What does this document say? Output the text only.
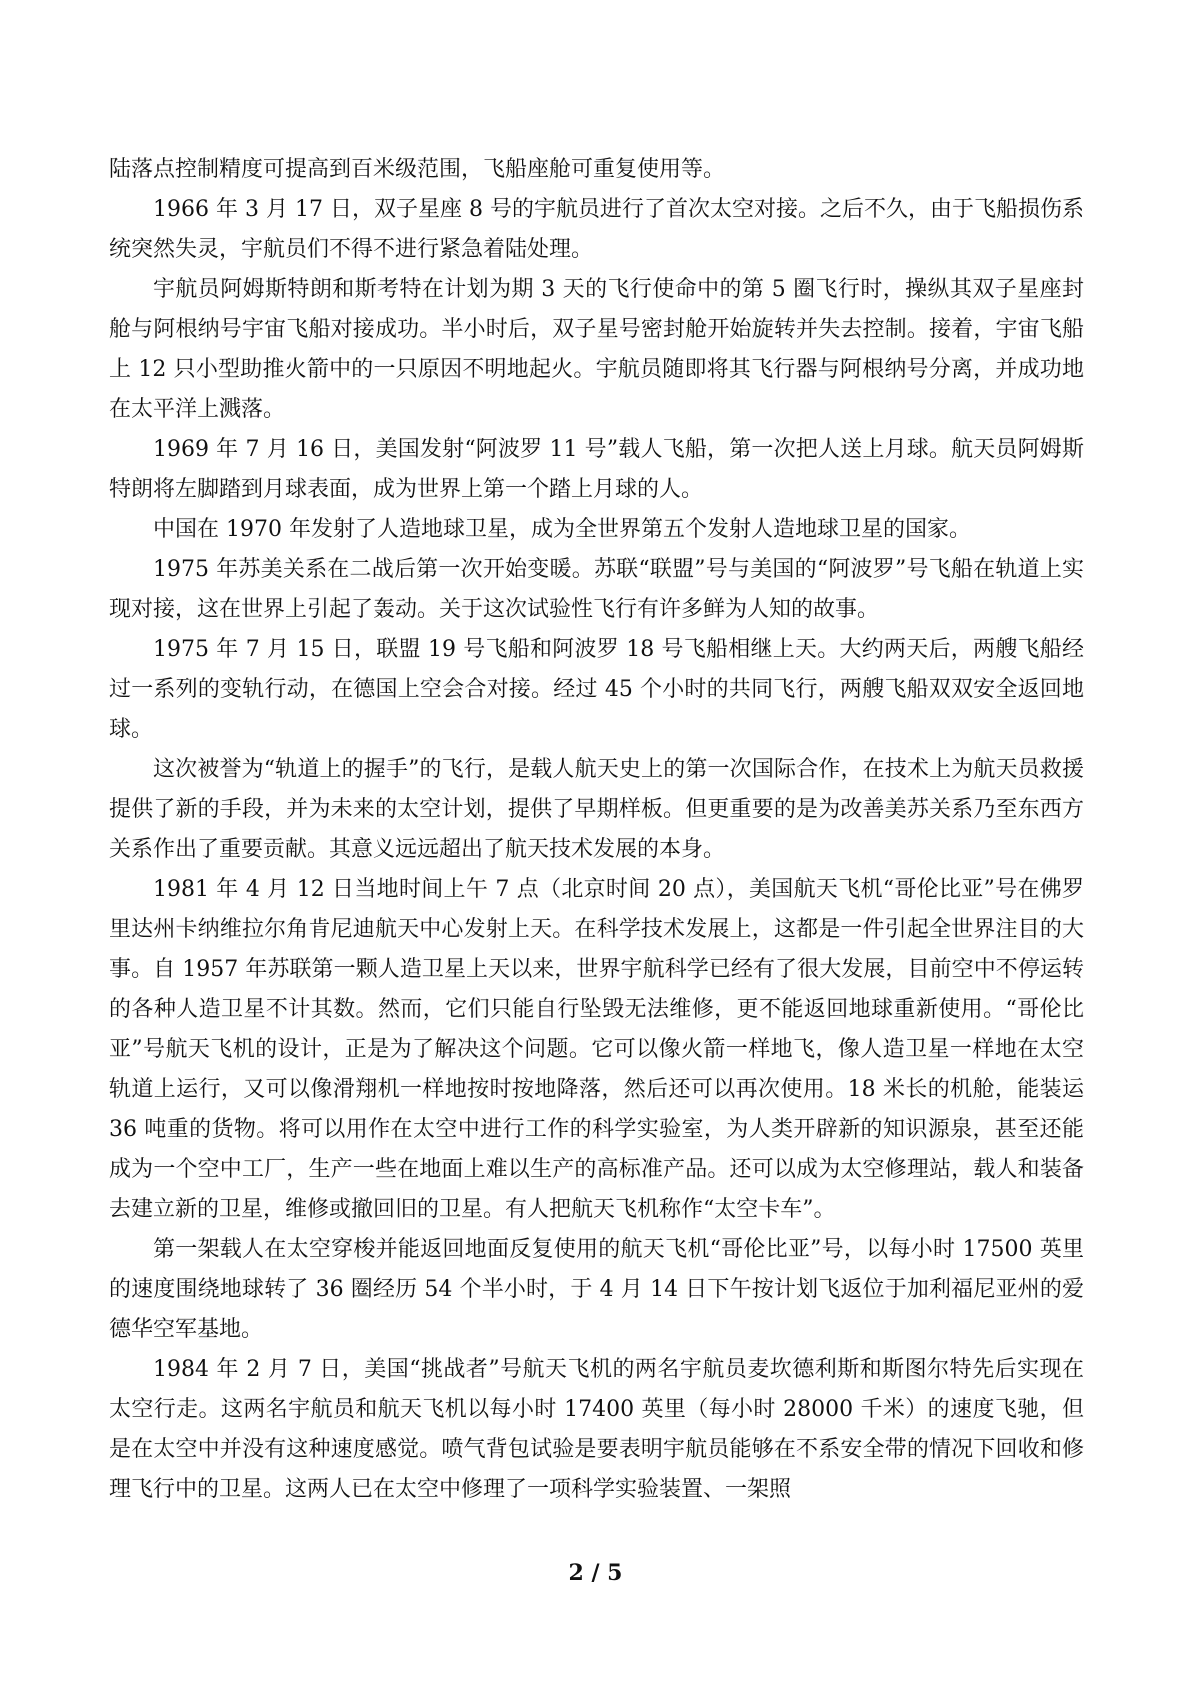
陆落点控制精度可提高到百米级范围，飞船座舱可重复使用等。

1966 年 3 月 17 日，双子星座 8 号的宇航员进行了首次太空对接。之后不久，由于飞船损伤系统突然失灵，宇航员们不得不进行紧急着陆处理。

宇航员阿姆斯特朗和斯考特在计划为期 3 天的飞行使命中的第 5 圈飞行时，操纵其双子星座封舱与阿根纳号宇宙飞船对接成功。半小时后，双子星号密封舱开始旋转并失去控制。接着，宇宙飞船上 12 只小型助推火箭中的一只原因不明地起火。宇航员随即将其飞行器与阿根纳号分离，并成功地在太平洋上溅落。

1969 年 7 月 16 日，美国发射“阿波罗 11 号”载人飞船，第一次把人送上月球。航天员阿姆斯特朗将左脚踏到月球表面，成为世界上第一个踏上月球的人。

中国在 1970 年发射了人造地球卫星，成为全世界第五个发射人造地球卫星的国家。

1975 年苏美关系在二战后第一次开始变暖。苏联“联盟”号与美国的“阿波罗”号飞船在轨道上实现对接，这在世界上引起了轰动。关于这次试验性飞行有许多鲜为人知的故事。

1975 年 7 月 15 日，联盟 19 号飞船和阿波罗 18 号飞船相继上天。大约两天后，两艘飞船经过一系列的变轨行动，在德国上空会合对接。经过 45 个小时的共同飞行，两艘飞船双双安全返回地球。

这次被誉为“轨道上的握手”的飞行，是载人航天史上的第一次国际合作，在技术上为航天员救援提供了新的手段，并为未来的太空计划，提供了早期样板。但更重要的是为改善美苏关系乃至东西方关系作出了重要贡献。其意义远远超出了航天技术发展的本身。

1981 年 4 月 12 日当地时间上午 7 点（北京时间 20 点），美国航天飞机“哥伦比亚”号在佛罗里达州卡纳维拉尔角肯尼迪航天中心发射上天。在科学技术发展上，这都是一件引起全世界注目的大事。自 1957 年苏联第一颗人造卫星上天以来，世界宇航科学已经有了很大发展，目前空中不停运转的各种人造卫星不计其数。然而，它们只能自行坠毁无法维修，更不能返回地球重新使用。“哥伦比亚”号航天飞机的设计，正是为了解决这个问题。它可以像火箭一样地飞，像人造卫星一样地在太空轨道上运行，又可以像滑翔机一样地按时按地降落，然后还可以再次使用。18 米长的机舱，能装运 36 吨重的货物。将可以用作在太空中进行工作的科学实验室，为人类开辟新的知识源泉，甚至还能成为一个空中工厂，生产一些在地面上难以生产的高标准产品。还可以成为太空修理站，载人和装备去建立新的卫星，维修或撤回旧的卫星。有人把航天飞机称作“太空卡车”。

第一架载人在太空穿梭并能返回地面反复使用的航天飞机“哥伦比亚”号，以每小时 17500 英里的速度围绕地球转了 36 圈经历 54 个半小时，于 4 月 14 日下午按计划飞返位于加利福尼亚州的爱德华空军基地。

1984 年 2 月 7 日，美国“挑战者”号航天飞机的两名宇航员麦坎德利斯和斯图尔特先后实现在太空行走。这两名宇航员和航天飞机以每小时 17400 英里（每小时 28000 千米）的速度飞驰，但是在太空中并没有这种速度感觉。喷气背包试验是要表明宇航员能够在不系安全带的情况下回收和修理飞行中的卫星。这两人已在太空中修理了一项科学实验装置、一架照

2 / 5
